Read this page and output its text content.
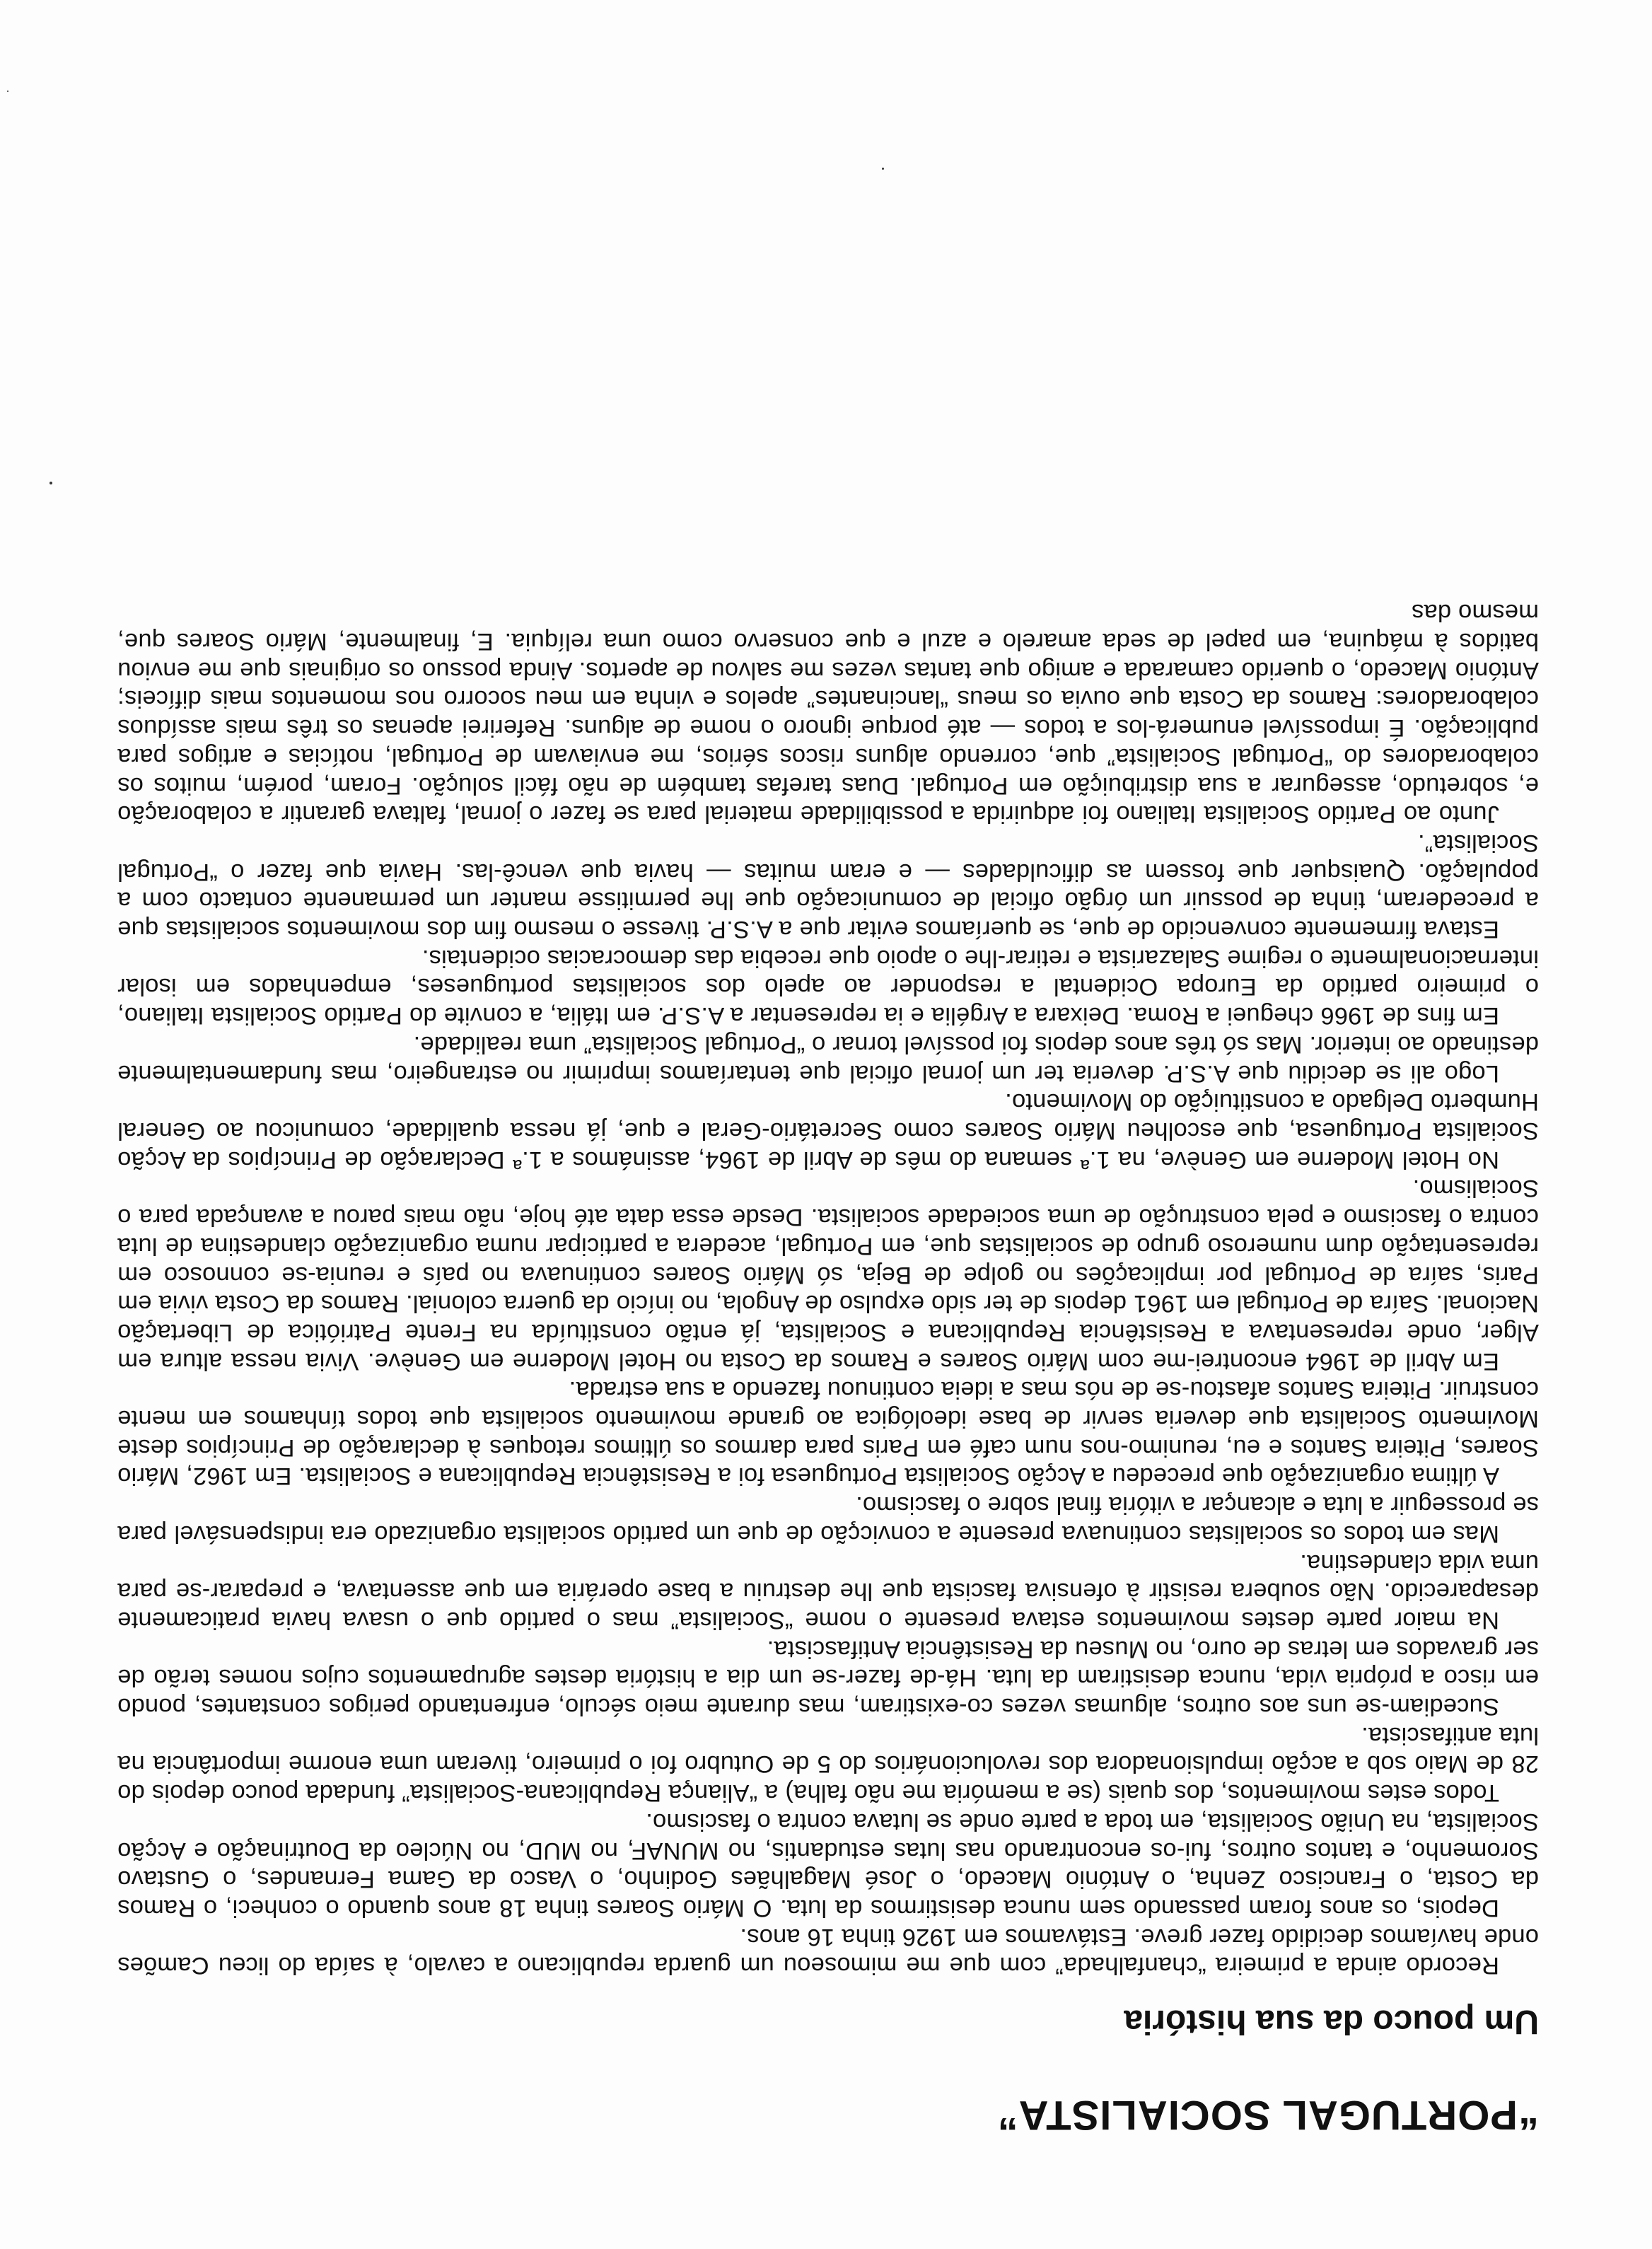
“PORTUGAL SOCIALISTA”
Um pouco da sua história

Recordo ainda a primeira “chanfalhada” com que me mimoseou um guarda republicano a cavalo, à saída do liceu Camões onde havíamos decidido fazer greve. Estávamos em 1926 tinha 16 anos.

Depois, os anos foram passando sem nunca desistirmos da luta. O Mário Soares tinha 18 anos quando o conheci, o Ramos da Costa, o Francisco Zenha, o António Macedo, o José Magalhães Godinho, o Vasco da Gama Fernandes, o Gustavo Soromenho, e tantos outros, fui-os encontrando nas lutas estudantis, no MUNAF, no MUD, no Núcleo da Doutrinação e Acção Socialista, na União Socialista, em toda a parte onde se lutava contra o fascismo.

Todos estes movimentos, dos quais (se a memória me não falha) a “Aliança Republicana-Socialista” fundada pouco depois do 28 de Maio sob a acção impulsionadora dos revolucionários do 5 de Outubro foi o primeiro, tiveram uma enorme importância na luta antifascista.

Sucediam-se uns aos outros, algumas vezes co-existiram, mas durante meio século, enfrentando perigos constantes, pondo em risco a própria vida, nunca desistiram da luta. Há-de fazer-se um dia a história destes agrupamentos cujos nomes terão de ser gravados em letras de ouro, no Museu da Resistência Antifascista.

Na maior parte destes movimentos estava presente o nome “Socialista” mas o partido que o usava havia praticamente desaparecido. Não soubera resistir à ofensiva fascista que lhe destruiu a base operária em que assentava, e preparar-se para uma vida clandestina.

Mas em todos os socialistas continuava presente a convicção de que um partido socialista organizado era indispensável para se prosseguir a luta e alcançar a vitória final sobre o fascismo.

A última organização que precedeu a Acção Socialista Portuguesa foi a Resistência Republicana e Socialista. Em 1962, Mário Soares, Piteira Santos e eu, reunimo-nos num café em Paris para darmos os últimos retoques à declaração de Princípios deste Movimento Socialista que deveria servir de base ideológica ao grande movimento socialista que todos tínhamos em mente construir. Piteira Santos afastou-se de nós mas a ideia continuou fazendo a sua estrada.

Em Abril de 1964 encontrei-me com Mário Soares e Ramos da Costa no Hotel Moderne em Genève. Vivia nessa altura em Alger, onde representava a Resistência Republicana e Socialista, já então constituída na Frente Patriótica de Libertação Nacional. Saíra de Portugal em 1961 depois de ter sido expulso de Angola, no início da guerra colonial. Ramos da Costa vivia em Paris, saíra de Portugal por implicações no golpe de Beja, só Mário Soares continuava no país e reunia-se connosco em representação dum numeroso grupo de socialistas que, em Portugal, acedera a participar numa organização clandestina de luta contra o fascismo e pela construção de uma sociedade socialista. Desde essa data até hoje, não mais parou a avançada para o Socialismo.

No Hotel Moderne em Genève, na 1.ª semana do mês de Abril de 1964, assinámos a 1.ª Declaração de Princípios da Acção Socialista Portuguesa, que escolheu Mário Soares como Secretário-Geral e que, já nessa qualidade, comunicou ao General Humberto Delgado a constituição do Movimento.

Logo ali se decidiu que A.S.P. deveria ter um jornal oficial que tentaríamos imprimir no estrangeiro, mas fundamentalmente destinado ao interior. Mas só três anos depois foi possível tornar o “Portugal Socialista” uma realidade.

Em fins de 1966 cheguei a Roma. Deixara a Argélia e ia representar a A.S.P. em Itália, a convite do Partido Socialista Italiano, o primeiro partido da Europa Ocidental a responder ao apelo dos socialistas portugueses, empenhados em isolar internacionalmente o regime Salazarista e retirar-lhe o apoio que recebia das democracias ocidentais.

Estava firmemente convencido de que, se queríamos evitar que a A.S.P. tivesse o mesmo fim dos movimentos socialistas que a precederam, tinha de possuir um órgão oficial de comunicação que lhe permitisse manter um permanente contacto com a população. Quaisquer que fossem as dificuldades — e eram muitas — havia que vencê-las. Havia que fazer o “Portugal Socialista”.

Junto ao Partido Socialista Italiano foi adquirida a possibilidade material para se fazer o jornal, faltava garantir a colaboração e, sobretudo, assegurar a sua distribuição em Portugal. Duas tarefas também de não fácil solução. Foram, porém, muitos os colaboradores do “Portugal Socialista” que, correndo alguns riscos sérios, me enviavam de Portugal, notícias e artigos para publicação. É impossível enumerá-los a todos — até porque ignoro o nome de alguns. Referirei apenas os três mais assíduos colaboradores: Ramos da Costa que ouvia os meus “lancinantes” apelos e vinha em meu socorro nos momentos mais difíceis; António Macedo, o querido camarada e amigo que tantas vezes me salvou de apertos. Ainda possuo os originais que me enviou batidos à máquina, em papel de seda amarelo e azul e que conservo como uma relíquia. E, finalmente, Mário Soares que, mesmo das
